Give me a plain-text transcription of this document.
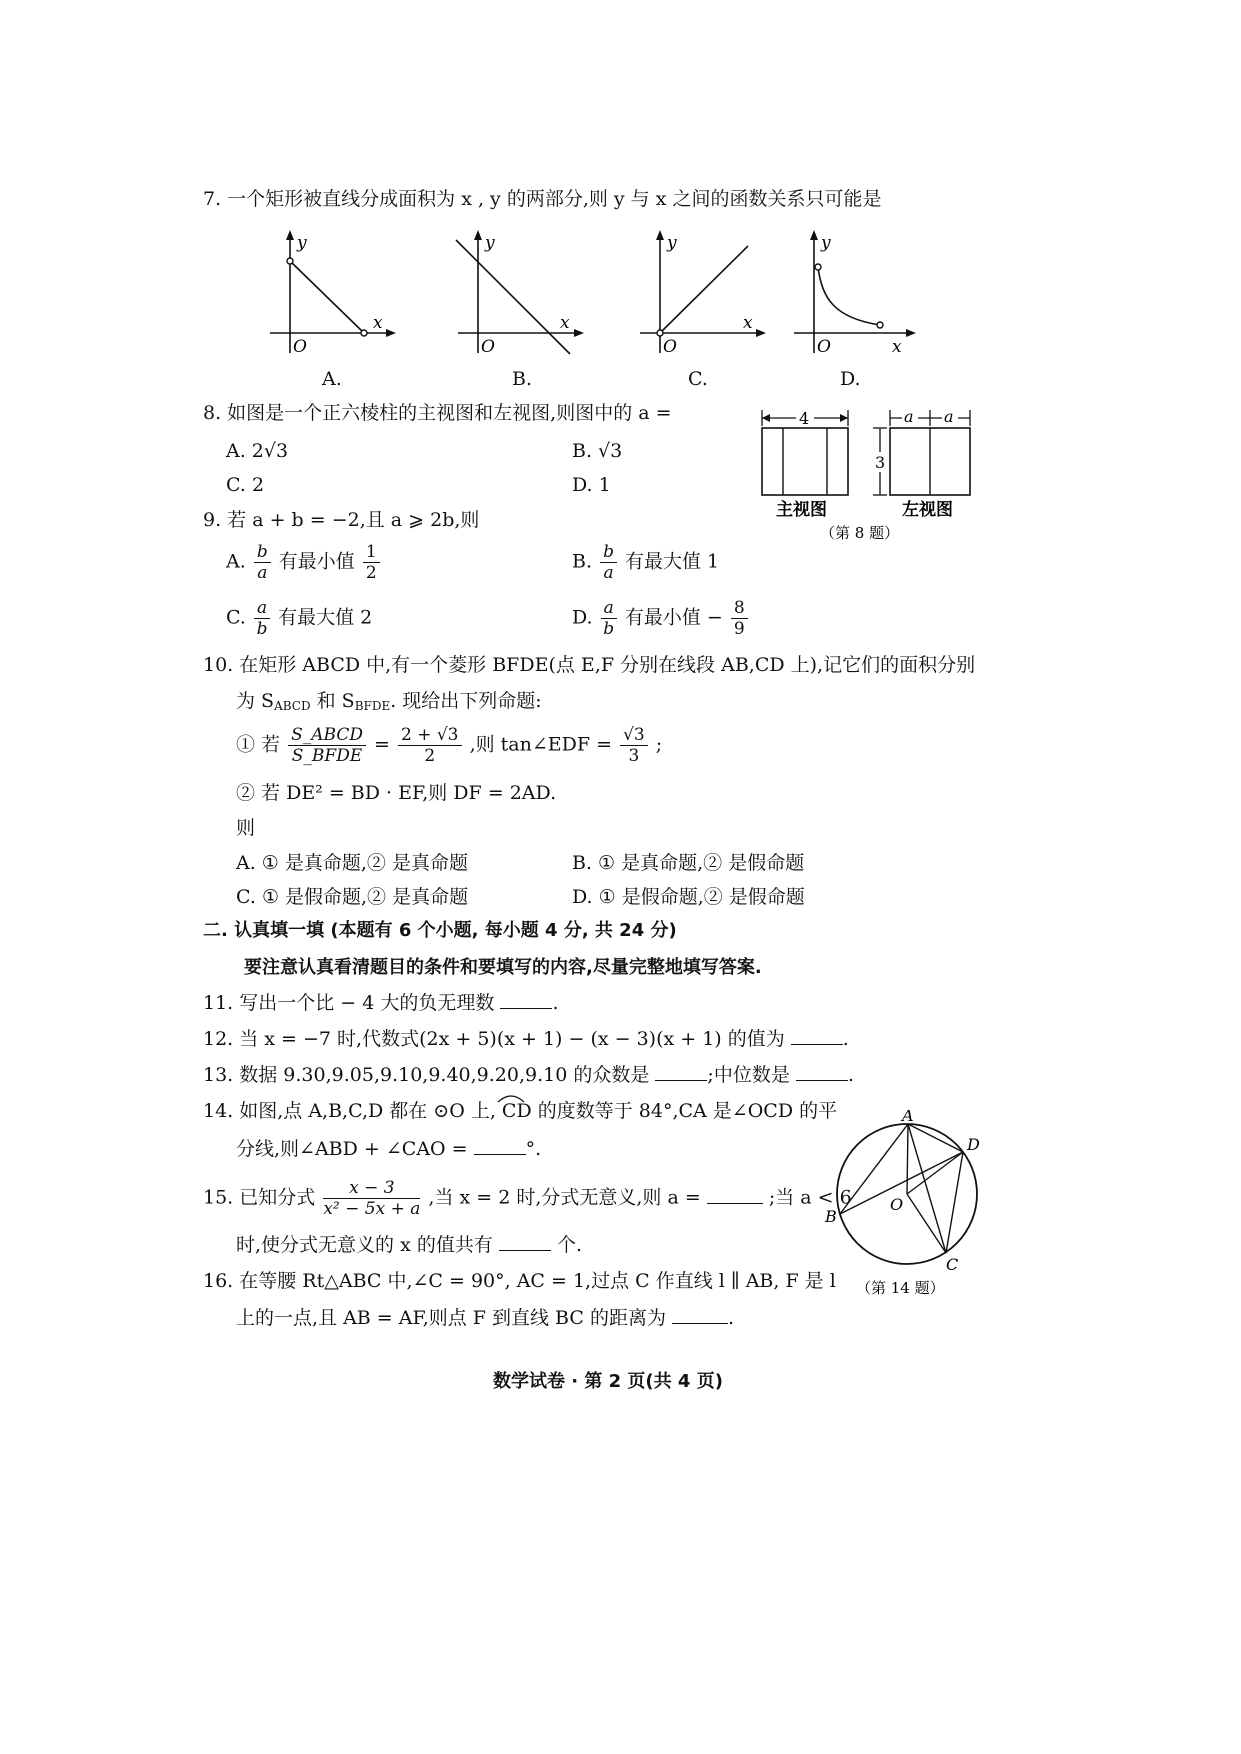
7. 一个矩形被直线分成面积为 x , y 的两部分,则 y 与 x 之间的函数关系只可能是
y
x
O
A.
y
x
O
B.
y
x
O
C.
y
x
O
D.
8. 如图是一个正六棱柱的主视图和左视图,则图中的 a =
A. 2√3	B. √3
C. 2	D. 1
4
主视图
3
a a
左视图
（第 8 题）
9. 若 a + b = −2,且 a ⩾ 2b,则
A. $\frac{b}{a}$ 有最小值 $\frac{1}{2}$	B. $\frac{b}{a}$ 有最大值 1
C. $\frac{a}{b}$ 有最大值 2	D. $\frac{a}{b}$ 有最小值 − $\frac{8}{9}$
10. 在矩形 ABCD 中,有一个菱形 BFDE(点 E,F 分别在线段 AB,CD 上),记它们的面积分别
为 $S_{ABCD}$ 和 $S_{BFDE}$. 现给出下列命题:
① 若 $\frac{\text{S\_ABCD}}{\text{S\_BFDE}} = \frac{2 + √3}{2}$ ,则 tan∠EDF = $\frac{√3}{3}$ ;
② 若 DE² = BD · EF,则 DF = 2AD.
则
A. ① 是真命题,② 是真命题	B. ① 是真命题,② 是假命题
C. ① 是假命题,② 是真命题	D. ① 是假命题,② 是假命题
二. 认真填一填 (本题有 6 个小题, 每小题 4 分, 共 24 分)
要注意认真看清题目的条件和要填写的内容,尽量完整地填写答案.
11. 写出一个比 − 4 大的负无理数	.
12. 当 x = −7 时,代数式(2x + 5)(x + 1) − (x − 3)(x + 1) 的值为	.
13. 数据 9.30,9.05,9.10,9.40,9.20,9.10 的众数是	;中位数是	.
14. 如图,点 A,B,C,D 都在 ⊙O 上, CD 的度数等于 84°,CA 是∠OCD 的平
分线,则∠ABD + ∠CAO =	°.
A
D
B
C
O
（第 14 题）
15. 已知分式 $\frac{x - 3}{\text{x² − 5x + a}}$ ,当 x = 2 时,分式无意义,则 a =	;当 a < 6
时,使分式无意义的 x 的值共有	个.
16. 在等腰 Rt△ABC 中,∠C = 90°, AC = 1,过点 C 作直线 l ∥ AB, F 是 l
上的一点,且 AB = AF,则点 F 到直线 BC 的距离为	.
数学试卷 · 第 2 页(共 4 页)
